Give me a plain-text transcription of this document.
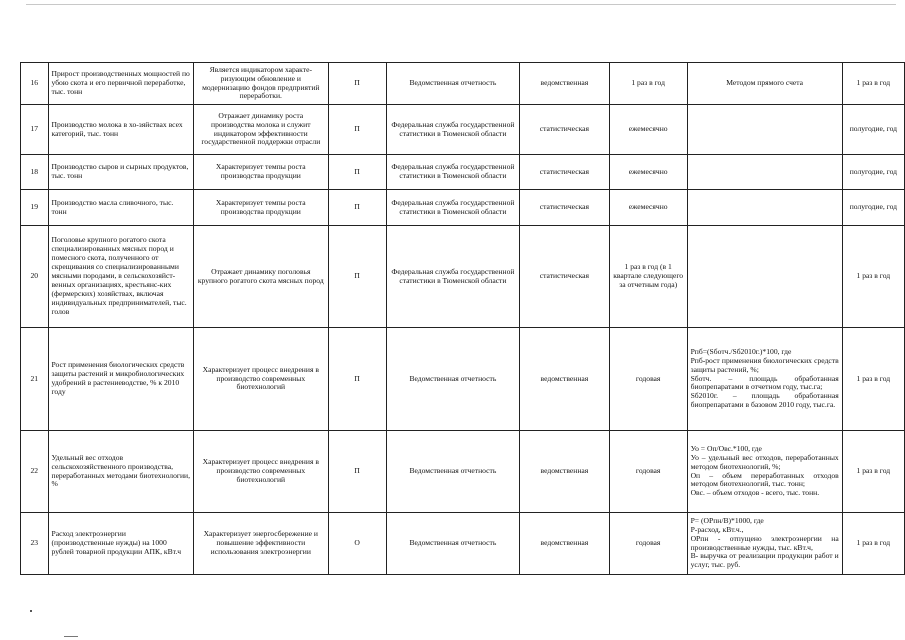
16	Прирост производственных мощностей по убою скота и его первичной переработке, тыс. тонн	Является индикатором характе-ризующим обновление и модернизацию фондов предприятий переработки.	П	Ведомственная отчетность	ведомственная	1 раз в год	Методом прямого счета	1 раз в год
17	Производство молока в хо-зяйствах всех категорий, тыс. тонн	Отражает динамику роста производства молока и служит индикатором эффективности государственной поддержки отрасли	П	Федеральная служба государственной статистики в Тюменской области	статистическая	ежемесячно		полугодие, год
18	Производство сыров и сырных продуктов, тыс. тонн	Характеризует темпы роста производства продукции	П	Федеральная служба государственной статистики в Тюменской области	статистическая	ежемесячно		полугодие, год
19	Производство масла сливочного, тыс. тонн	Характеризует темпы роста производства продукции	П	Федеральная служба государственной статистики в Тюменской области	статистическая	ежемесячно		полугодие, год
20	Поголовье крупного рогатого скота специализированных мясных пород и помесного скота, полученного от скрещивания со специализированными мясными породами, в сельскохозяйст-венных организациях, крестьянс-ких (фермерских) хозяйствах, включая индивидуальных предпринимателей, тыс. голов	Отражает динамику поголовья крупного рогатого скота мясных пород	П	Федеральная служба государственной статистики в Тюменской области	статистическая	1 раз в год (в 1 квартале следующего за отчетным года)		1 раз в год
21	Рост применения биологических средств защиты растений и микробиологических удобрений в растениеводстве, % к 2010 году	Характеризует процесс внедрения в производство современных биотехнологий	П	Ведомственная отчетность	ведомственная	годовая	Рпб=(Sботч./Sб2010г.)*100, где
Рпб-рост применения биологических средств защиты растений, %;
Sботч. – площадь обработанная биопрепаратами в отчетном году, тыс.га;
Sб2010г. – площадь обработанная биопрепаратами в базовом 2010 году, тыс.га.	1 раз в год
22	Удельный вес отходов сельскохозяйственного производства, переработанных методами биотехнологии, %	Характеризует процесс внедрения в производство современных биотехнологий	П	Ведомственная отчетность	ведомственная	годовая	Уо = Оп/Овс.*100, где
Уо – удельный вес отходов, переработанных методом биотехнологий, %;
Оп – объем переработанных отходов методом биотехнологий, тыс. тонн;
Овс. – объем отходов - всего, тыс. тонн.	1 раз в год
23	Расход электроэнергии (производственные нужды) на 1000 рублей товарной продукции АПК, кВт.ч	Характеризует энергосбережение и повышение эффективности использования электроэнергии	О	Ведомственная отчетность	ведомственная	годовая	Р= (ОРпн/В)*1000, где
Р-расход, кВт.ч.,
ОРпн - отпущено электроэнергии на производственные нужды, тыс. кВт.ч,
В- выручка от реализации продукции работ и услуг, тыс. руб.	1 раз в год
